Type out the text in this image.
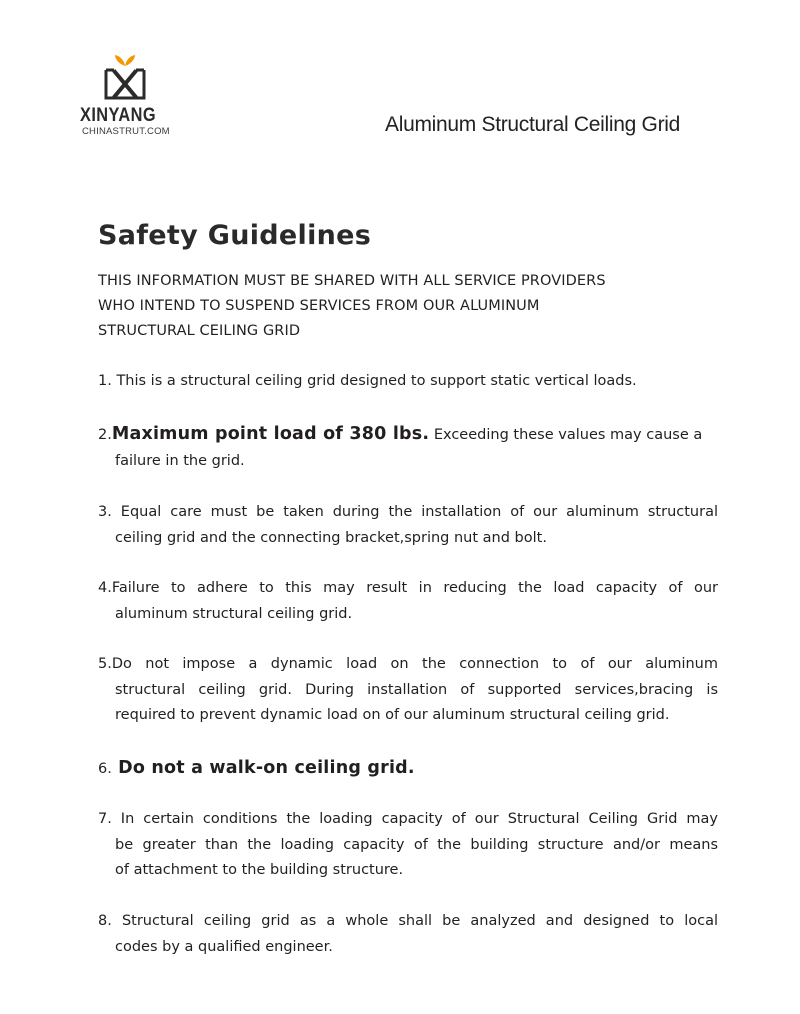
XINYANG
CHINASTRUT.COM	Aluminum Structural Ceiling Grid
Safety Guidelines
THIS INFORMATION MUST BE SHARED WITH ALL SERVICE PROVIDERS
WHO INTEND TO SUSPEND SERVICES FROM OUR ALUMINUM
STRUCTURAL CEILING GRID
1. This is a structural ceiling grid designed to support static vertical loads.
2.Maximum point load of 380 lbs. Exceeding these values may cause a
failure in the grid.
3. Equal care must be taken during the installation of our aluminum structural
ceiling grid and the connecting bracket,spring nut and bolt.
4.Failure to adhere to this may result in reducing the load capacity of our
aluminum structural ceiling grid.
5.Do not impose a dynamic load on the connection to of our aluminum
structural ceiling grid. During installation of supported services,bracing is
required to prevent dynamic load on of our aluminum structural ceiling grid.
6. Do not a walk-on ceiling grid.
7. In certain conditions the loading capacity of our Structural Ceiling Grid may
be greater than the loading capacity of the building structure and/or means
of attachment to the building structure.
8. Structural ceiling grid as a whole shall be analyzed and designed to local
codes by a qualified engineer.
